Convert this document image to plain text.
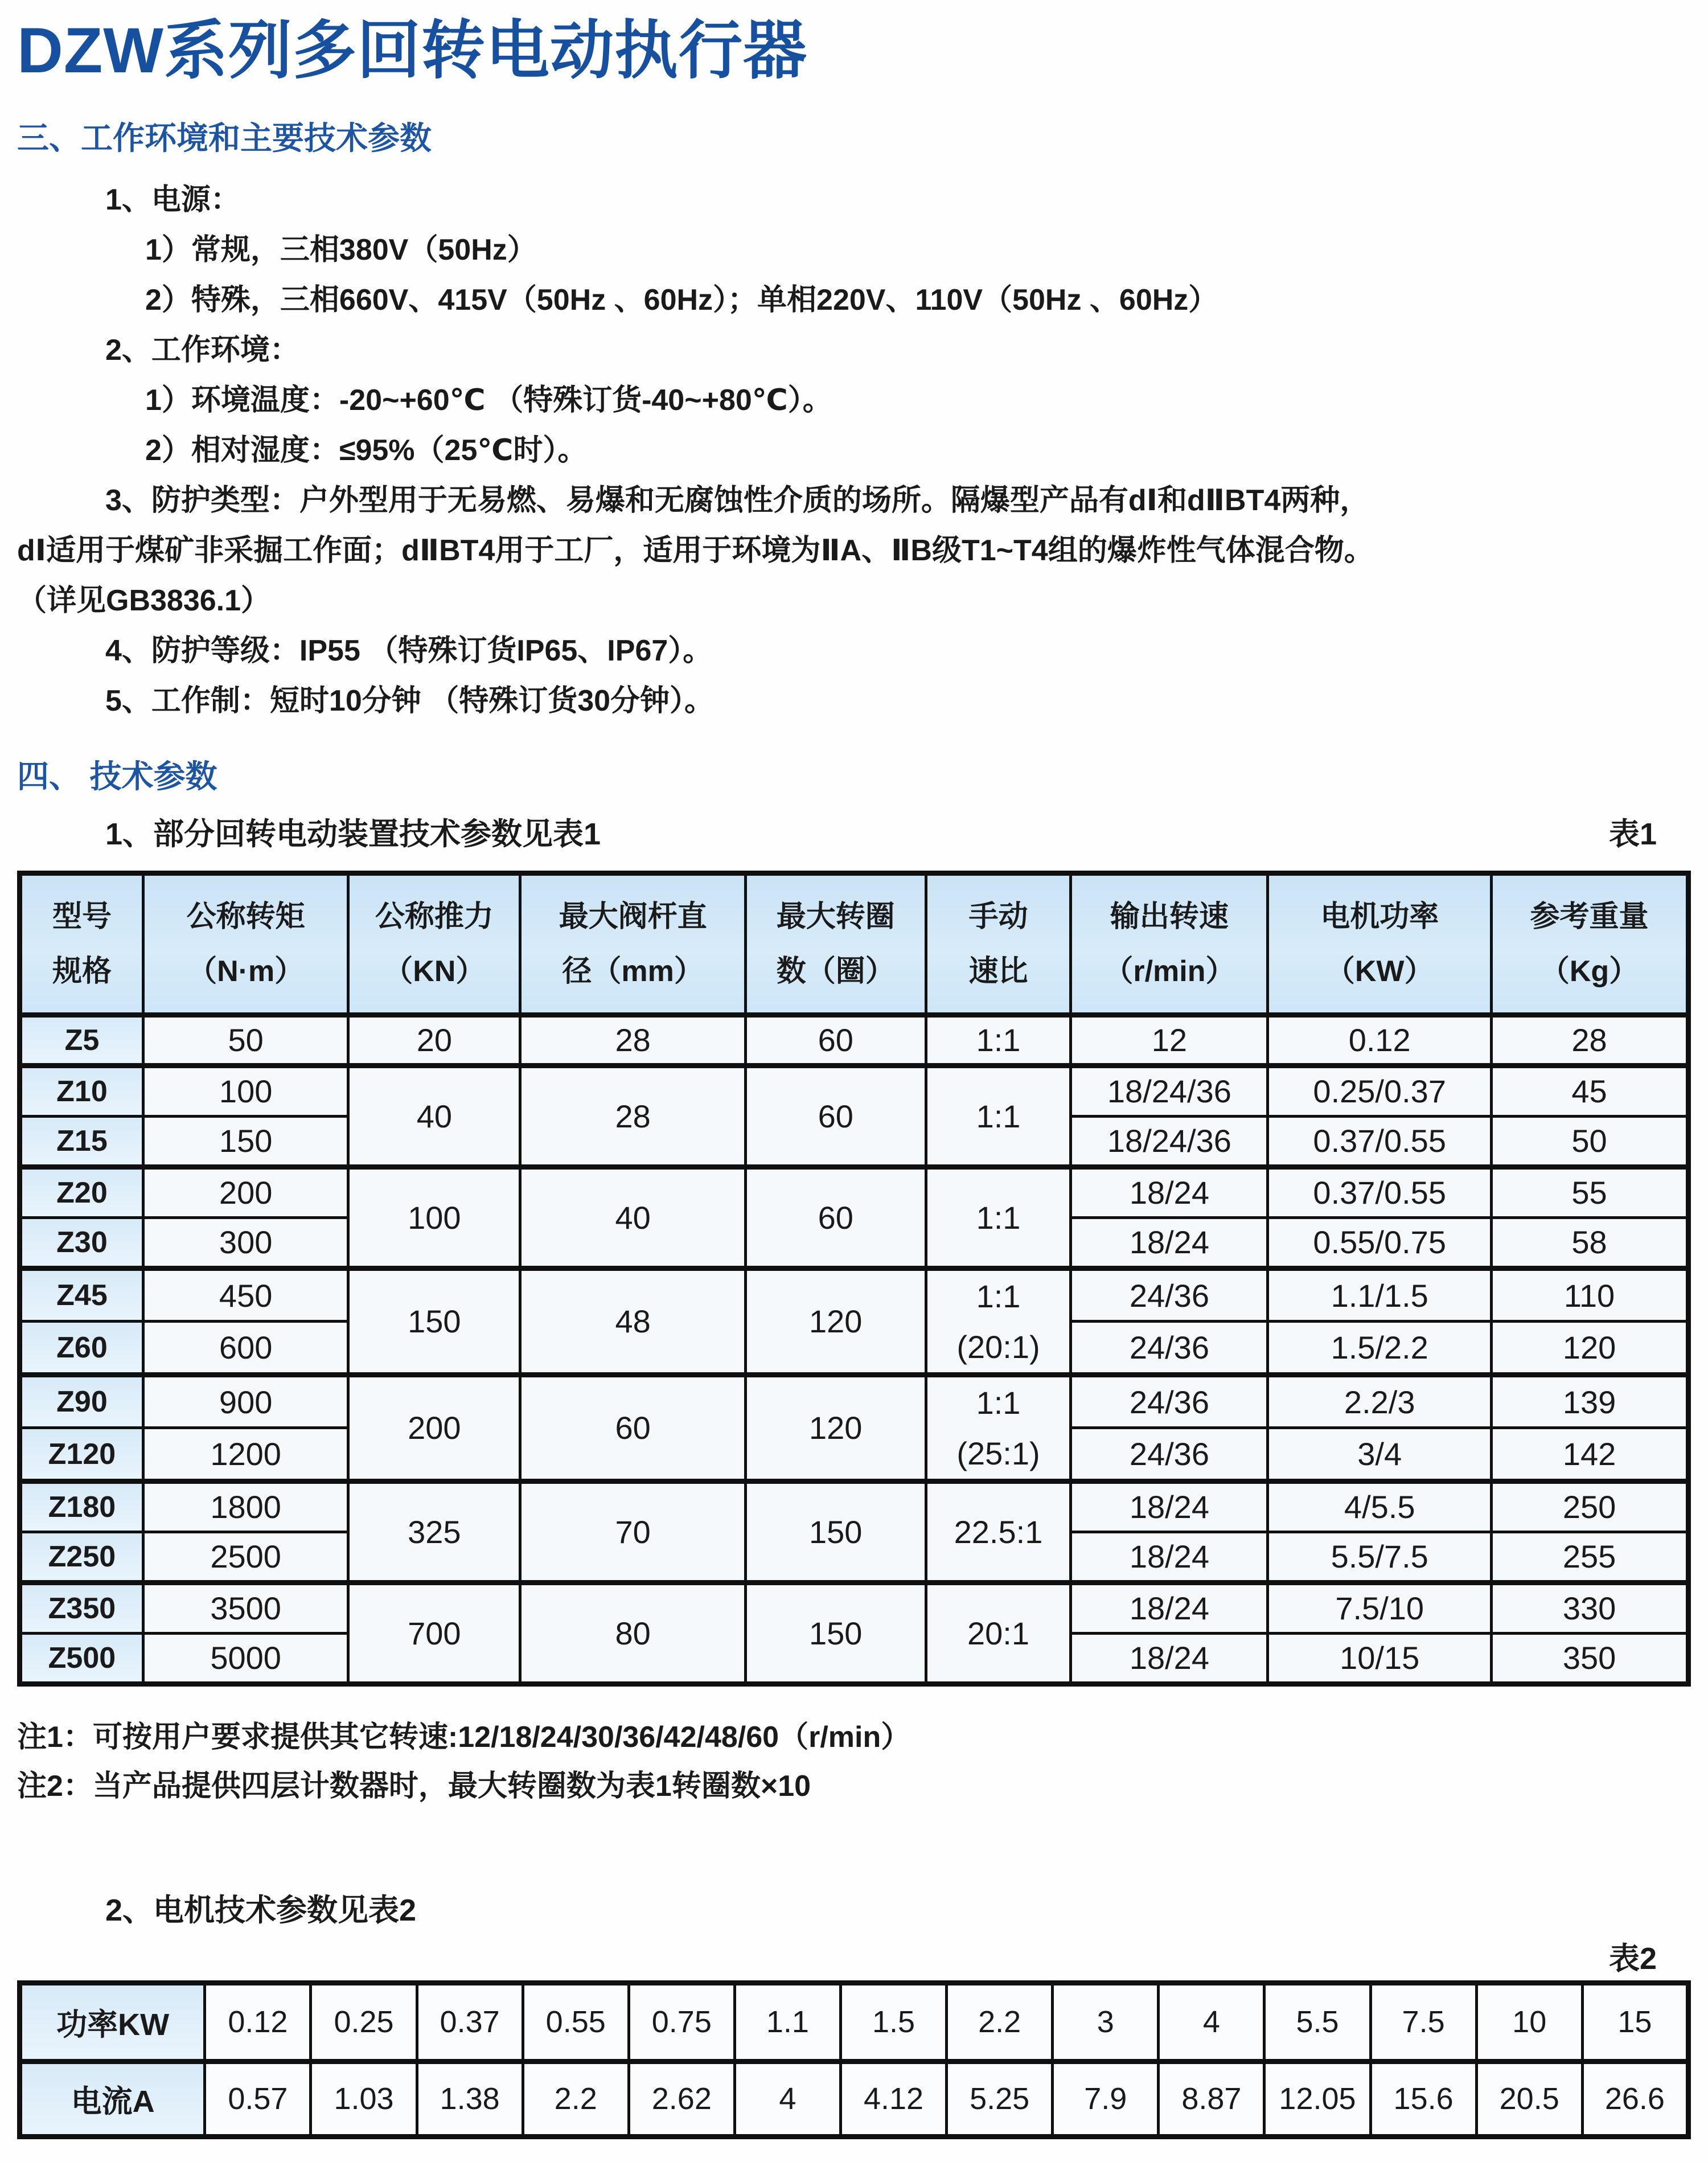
DZW系列多回转电动执行器
三、工作环境和主要技术参数
1、电源：
1）常规，三相380V（50Hz）
2）特殊，三相660V、415V（50Hz 、60Hz）；单相220V、110V（50Hz 、60Hz）
2、工作环境：
1）环境温度：-20~+60℃ （特殊订货-40~+80℃）。
2）相对湿度：≤95%（25℃时）。
3、防护类型：户外型用于无易燃、易爆和无腐蚀性介质的场所。隔爆型产品有dⅠ和dⅡBT4两种，
dⅠ适用于煤矿非采掘工作面；dⅡBT4用于工厂，适用于环境为ⅡA、ⅡB级T1~T4组的爆炸性气体混合物。
（详见GB3836.1）
4、防护等级：IP55 （特殊订货IP65、IP67）。
5、工作制：短时10分钟 （特殊订货30分钟）。
四、 技术参数
1、部分回转电动装置技术参数见表1	表1
型号
规格

公称转矩
（N·m）

公称推力
（KN）

最大阀杆直
径（mm）

最大转圈
数（圈）

手动
速比

输出转速
（r/min）

电机功率
（KW）

参考重量
（Kg）

Z5	50	20	28	60	1:1	12	0.12	28
Z10	100	40	28	60	1:1	18/24/36	0.25/0.37	45
Z15	150					18/24/36	0.37/0.55	50
Z20	200	100	40	60	1:1	18/24	0.37/0.55	55
Z30	300					18/24	0.55/0.75	58
Z45	450	150	48	120	1:1
(20:1)	24/36	1.1/1.5	110
Z60	600					24/36	1.5/2.2	120
Z90	900	200	60	120	1:1
(25:1)	24/36	2.2/3	139
Z120	1200					24/36	3/4	142
Z180	1800	325	70	150	22.5:1	18/24	4/5.5	250
Z250	2500					18/24	5.5/7.5	255
Z350	3500	700	80	150	20:1	18/24	7.5/10	330
Z500	5000					18/24	10/15	350
注1：可按用户要求提供其它转速:12/18/24/30/36/42/48/60（r/min）
注2：当产品提供四层计数器时，最大转圈数为表1转圈数×10
2、电机技术参数见表2
表2
功率KW	0.12	0.25	0.37	0.55	0.75	1.1	1.5	2.2	3	4	5.5	7.5	10	15
电流A	0.57	1.03	1.38	2.2	2.62	4	4.12	5.25	7.9	8.87	12.05	15.6	20.5	26.6
